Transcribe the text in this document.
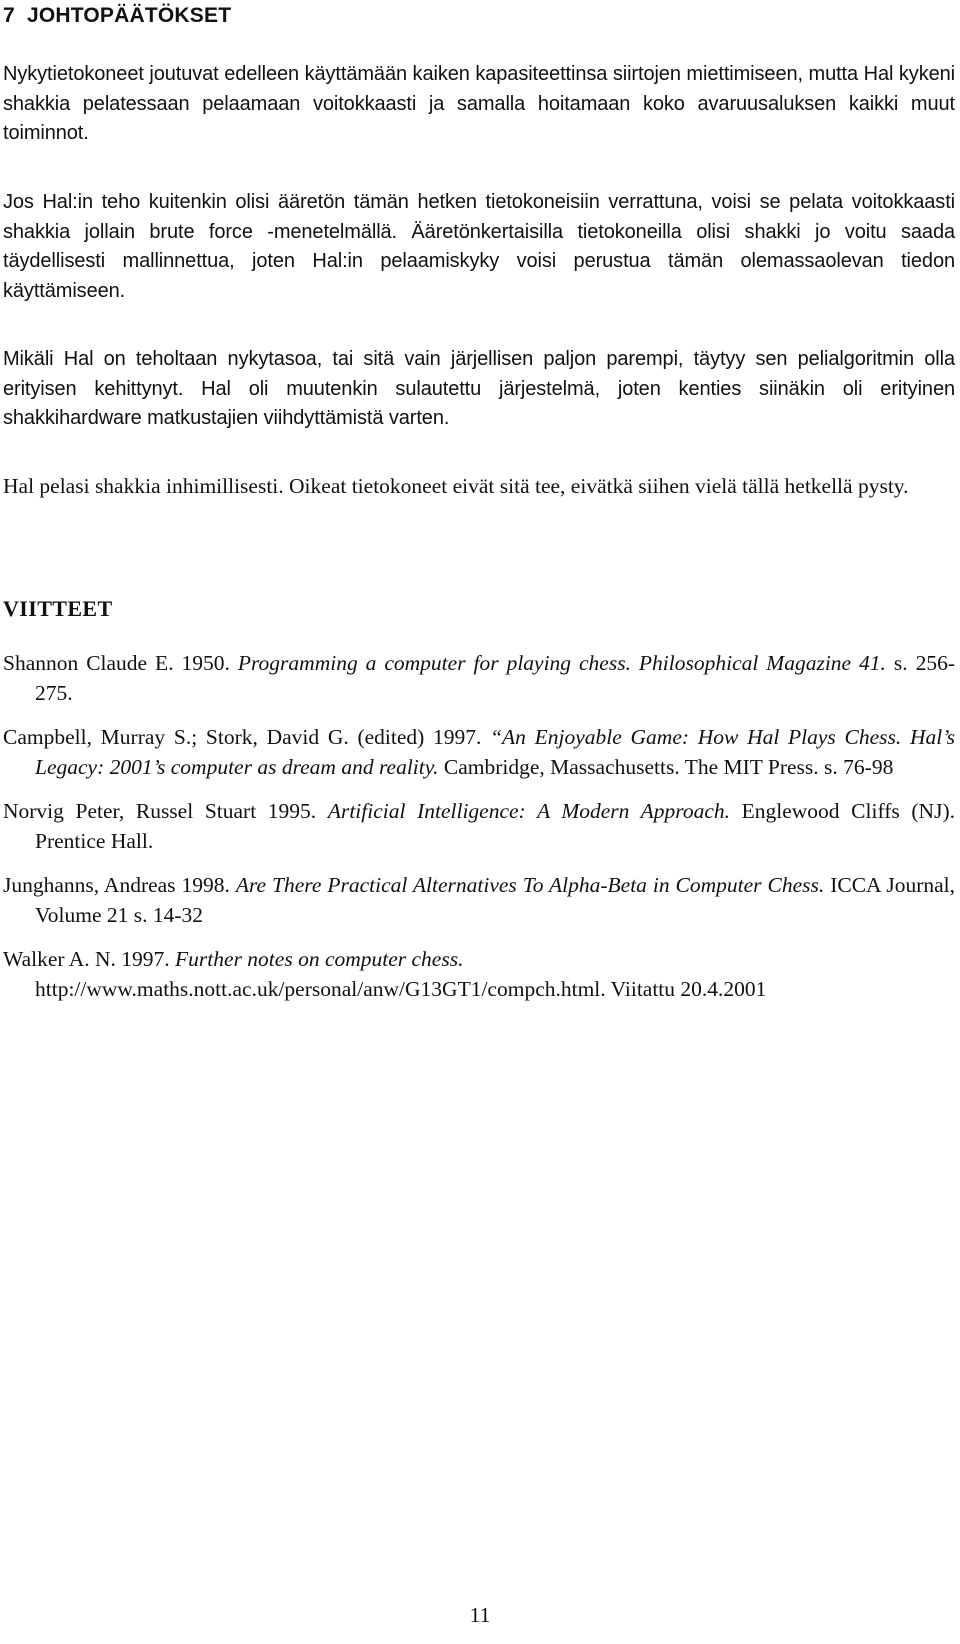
7 JOHTOPÄÄTÖKSET

Nykytietokoneet joutuvat edelleen käyttämään kaiken kapasiteettinsa siirtojen miettimiseen, mutta Hal kykeni shakkia pelatessaan pelaamaan voitokkaasti ja samalla hoitamaan koko avaruusaluksen kaikki muut toiminnot.

Jos Hal:in teho kuitenkin olisi ääretön tämän hetken tietokoneisiin verrattuna, voisi se pelata voitokkaasti shakkia jollain brute force -menetelmällä. Ääretönkertaisilla tietokoneilla olisi shakki jo voitu saada täydellisesti mallinnettua, joten Hal:in pelaamiskyky voisi perustua tämän olemassaolevan tiedon käyttämiseen.

Mikäli Hal on teholtaan nykytasoa, tai sitä vain järjellisen paljon parempi, täytyy sen pelialgoritmin olla erityisen kehittynyt. Hal oli muutenkin sulautettu järjestelmä, joten kenties siinäkin oli erityinen shakkihardware matkustajien viihdyttämistä varten.

Hal pelasi shakkia inhimillisesti. Oikeat tietokoneet eivät sitä tee, eivätkä siihen vielä tällä hetkellä pysty.

VIITTEET

Shannon Claude E. 1950. Programming a computer for playing chess. Philosophical Magazine 41. s. 256-275.

Campbell, Murray S.; Stork, David G. (edited) 1997. “An Enjoyable Game: How Hal Plays Chess. Hal’s Legacy: 2001’s computer as dream and reality. Cambridge, Massachusetts. The MIT Press. s. 76-98

Norvig Peter, Russel Stuart 1995. Artificial Intelligence: A Modern Approach. Englewood Cliffs (NJ). Prentice Hall.

Junghanns, Andreas 1998. Are There Practical Alternatives To Alpha-Beta in Computer Chess. ICCA Journal, Volume 21 s. 14-32

Walker A. N. 1997. Further notes on computer chess.
http://www.maths.nott.ac.uk/personal/anw/G13GT1/compch.html. Viitattu 20.4.2001

11
